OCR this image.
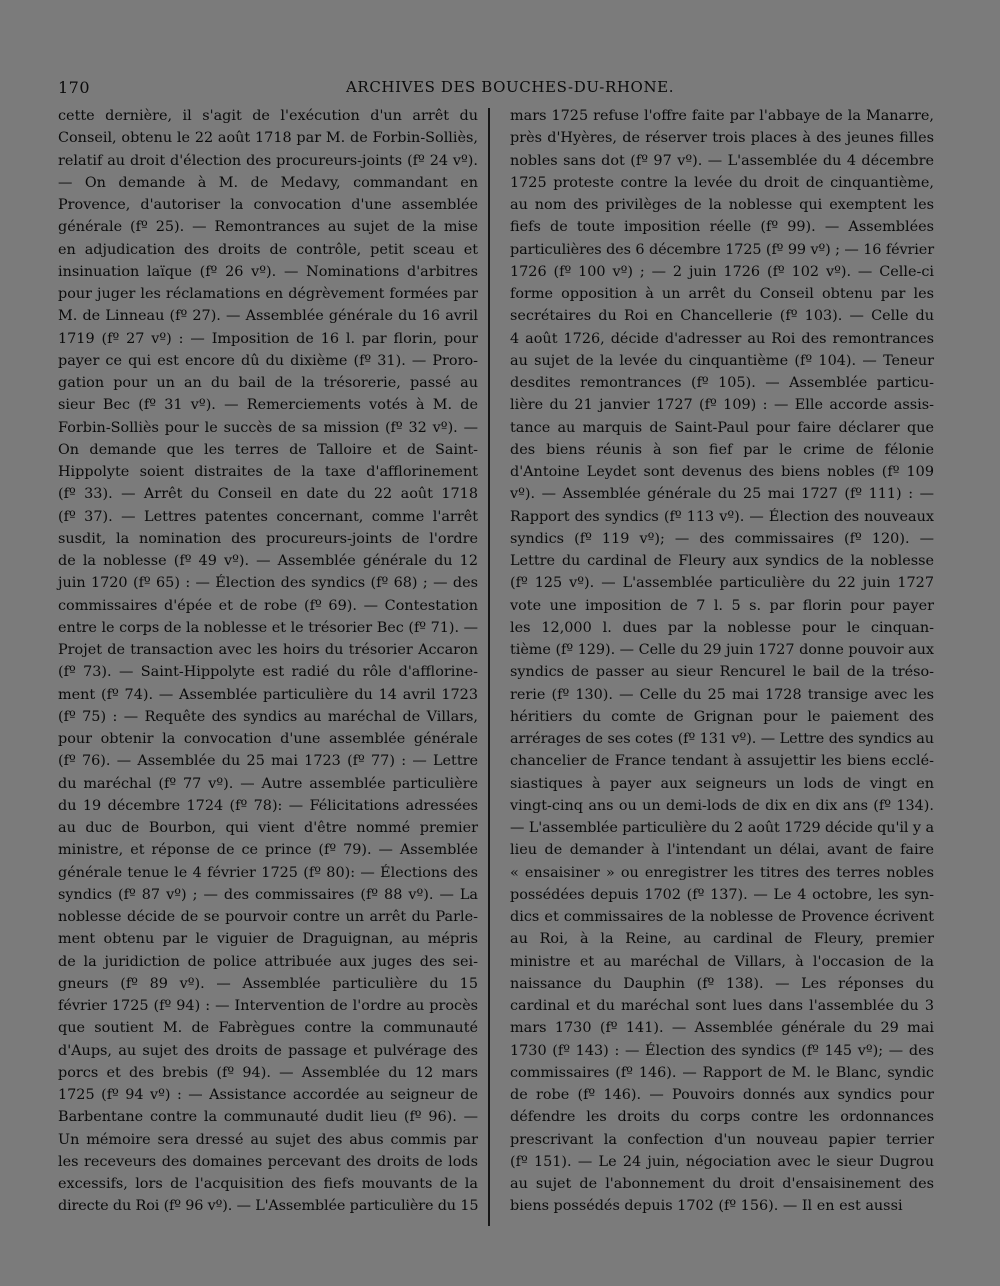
170	ARCHIVES DES BOUCHES-DU-RHONE.
cette dernière, il s'agit de l'exécution d'un arrêt du
Conseil, obtenu le 22 août 1718 par M. de Forbin-Solliès,
relatif au droit d'élection des procureurs-joints (fº 24 vº).
— On demande à M. de Medavy, commandant en
Provence, d'autoriser la convocation d'une assemblée
générale (fº 25). — Remontrances au sujet de la mise
en adjudication des droits de contrôle, petit sceau et
insinuation laïque (fº 26 vº). — Nominations d'arbitres
pour juger les réclamations en dégrèvement formées par
M. de Linneau (fº 27). — Assemblée générale du 16 avril
1719 (fº 27 vº) : — Imposition de 16 l. par florin, pour
payer ce qui est encore dû du dixième (fº 31). — Proro-
gation pour un an du bail de la trésorerie, passé au
sieur Bec (fº 31 vº). — Remerciements votés à M. de
Forbin-Solliès pour le succès de sa mission (fº 32 vº). —
On demande que les terres de Talloire et de Saint-
Hippolyte soient distraites de la taxe d'afflorinement
(fº 33). — Arrêt du Conseil en date du 22 août 1718
(fº 37). — Lettres patentes concernant, comme l'arrêt
susdit, la nomination des procureurs-joints de l'ordre
de la noblesse (fº 49 vº). — Assemblée générale du 12
juin 1720 (fº 65) : — Élection des syndics (fº 68) ; — des
commissaires d'épée et de robe (fº 69). — Contestation
entre le corps de la noblesse et le trésorier Bec (fº 71). —
Projet de transaction avec les hoirs du trésorier Accaron
(fº 73). — Saint-Hippolyte est radié du rôle d'afflorine-
ment (fº 74). — Assemblée particulière du 14 avril 1723
(fº 75) : — Requête des syndics au maréchal de Villars,
pour obtenir la convocation d'une assemblée générale
(fº 76). — Assemblée du 25 mai 1723 (fº 77) : — Lettre
du maréchal (fº 77 vº). — Autre assemblée particulière
du 19 décembre 1724 (fº 78): — Félicitations adressées
au duc de Bourbon, qui vient d'être nommé premier
ministre, et réponse de ce prince (fº 79). — Assemblée
générale tenue le 4 février 1725 (fº 80): — Élections des
syndics (fº 87 vº) ; — des commissaires (fº 88 vº). — La
noblesse décide de se pourvoir contre un arrêt du Parle-
ment obtenu par le viguier de Draguignan, au mépris
de la juridiction de police attribuée aux juges des sei-
gneurs (fº 89 vº). — Assemblée particulière du 15
février 1725 (fº 94) : — Intervention de l'ordre au procès
que soutient M. de Fabrègues contre la communauté
d'Aups, au sujet des droits de passage et pulvérage des
porcs et des brebis (fº 94). — Assemblée du 12 mars
1725 (fº 94 vº) : — Assistance accordée au seigneur de
Barbentane contre la communauté dudit lieu (fº 96). —
Un mémoire sera dressé au sujet des abus commis par
les receveurs des domaines percevant des droits de lods
excessifs, lors de l'acquisition des fiefs mouvants de la
directe du Roi (fº 96 vº). — L'Assemblée particulière du 15
mars 1725 refuse l'offre faite par l'abbaye de la Manarre,
près d'Hyères, de réserver trois places à des jeunes filles
nobles sans dot (fº 97 vº). — L'assemblée du 4 décembre
1725 proteste contre la levée du droit de cinquantième,
au nom des privilèges de la noblesse qui exemptent les
fiefs de toute imposition réelle (fº 99). — Assemblées
particulières des 6 décembre 1725 (fº 99 vº) ; — 16 février
1726 (fº 100 vº) ; — 2 juin 1726 (fº 102 vº). — Celle-ci
forme opposition à un arrêt du Conseil obtenu par les
secrétaires du Roi en Chancellerie (fº 103). — Celle du
4 août 1726, décide d'adresser au Roi des remontrances
au sujet de la levée du cinquantième (fº 104). — Teneur
desdites remontrances (fº 105). — Assemblée particu-
lière du 21 janvier 1727 (fº 109) : — Elle accorde assis-
tance au marquis de Saint-Paul pour faire déclarer que
des biens réunis à son fief par le crime de félonie
d'Antoine Leydet sont devenus des biens nobles (fº 109
vº). — Assemblée générale du 25 mai 1727 (fº 111) : —
Rapport des syndics (fº 113 vº). — Élection des nouveaux
syndics (fº 119 vº); — des commissaires (fº 120). —
Lettre du cardinal de Fleury aux syndics de la noblesse
(fº 125 vº). — L'assemblée particulière du 22 juin 1727
vote une imposition de 7 l. 5 s. par florin pour payer
les 12,000 l. dues par la noblesse pour le cinquan-
tième (fº 129). — Celle du 29 juin 1727 donne pouvoir aux
syndics de passer au sieur Rencurel le bail de la tréso-
rerie (fº 130). — Celle du 25 mai 1728 transige avec les
héritiers du comte de Grignan pour le paiement des
arrérages de ses cotes (fº 131 vº). — Lettre des syndics au
chancelier de France tendant à assujettir les biens ecclé-
siastiques à payer aux seigneurs un lods de vingt en
vingt-cinq ans ou un demi-lods de dix en dix ans (fº 134).
— L'assemblée particulière du 2 août 1729 décide qu'il y a
lieu de demander à l'intendant un délai, avant de faire
« ensaisiner » ou enregistrer les titres des terres nobles
possédées depuis 1702 (fº 137). — Le 4 octobre, les syn-
dics et commissaires de la noblesse de Provence écrivent
au Roi, à la Reine, au cardinal de Fleury, premier
ministre et au maréchal de Villars, à l'occasion de la
naissance du Dauphin (fº 138). — Les réponses du
cardinal et du maréchal sont lues dans l'assemblée du 3
mars 1730 (fº 141). — Assemblée générale du 29 mai
1730 (fº 143) : — Élection des syndics (fº 145 vº); — des
commissaires (fº 146). — Rapport de M. le Blanc, syndic
de robe (fº 146). — Pouvoirs donnés aux syndics pour
défendre les droits du corps contre les ordonnances
prescrivant la confection d'un nouveau papier terrier
(fº 151). — Le 24 juin, négociation avec le sieur Dugrou
au sujet de l'abonnement du droit d'ensaisinement des
biens possédés depuis 1702 (fº 156). — Il en est aussi
